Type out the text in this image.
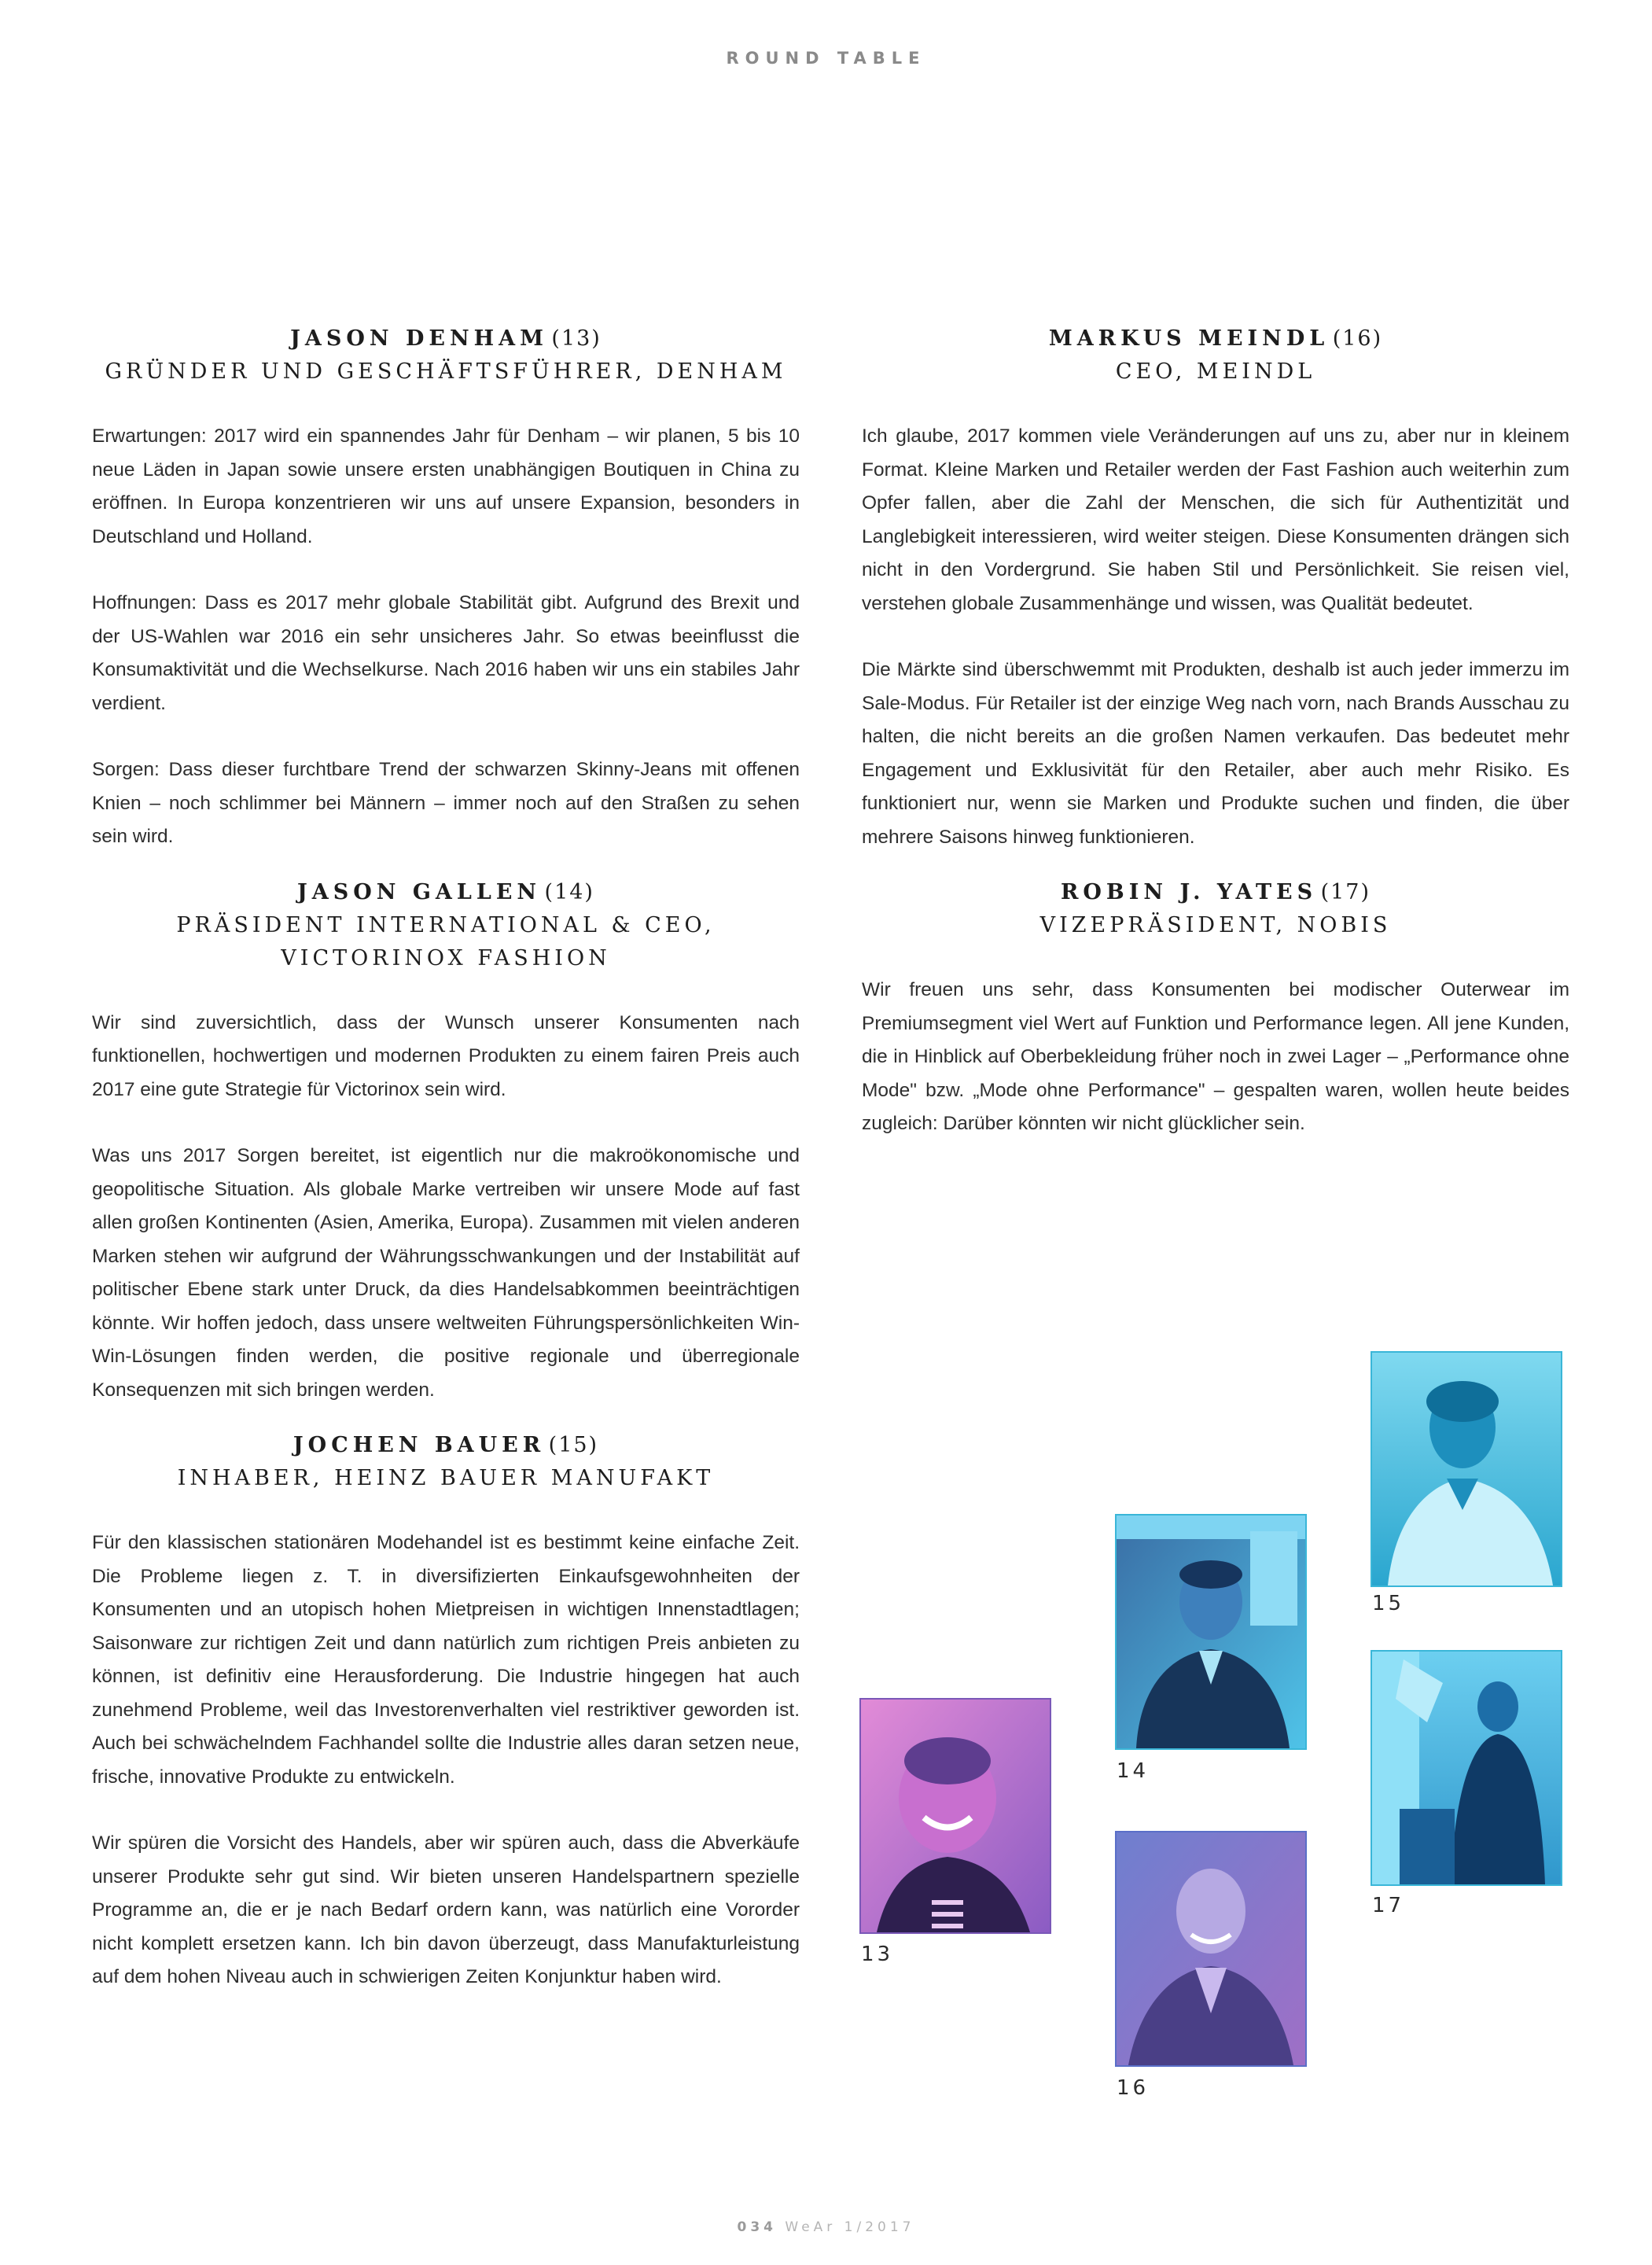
ROUND TABLE
JASON DENHAM (13)
GRÜNDER UND GESCHÄFTSFÜHRER, DENHAM

Erwartungen: 2017 wird ein spannendes Jahr für Denham – wir planen, 5 bis 10 neue Läden in Japan sowie unsere ersten unabhängigen Boutiquen in China zu eröffnen. In Europa konzentrieren wir uns auf unsere Expansion, besonders in Deutschland und Holland.

Hoffnungen: Dass es 2017 mehr globale Stabilität gibt. Aufgrund des Brexit und der US-Wahlen war 2016 ein sehr unsicheres Jahr. So etwas beeinflusst die Konsumaktivität und die Wechselkurse. Nach 2016 haben wir uns ein stabiles Jahr verdient.

Sorgen: Dass dieser furchtbare Trend der schwarzen Skinny-Jeans mit offenen Knien – noch schlimmer bei Männern – immer noch auf den Straßen zu sehen sein wird.

JASON GALLEN (14)
PRÄSIDENT INTERNATIONAL & CEO,
VICTORINOX FASHION

Wir sind zuversichtlich, dass der Wunsch unserer Konsumenten nach funktionellen, hochwertigen und modernen Produkten zu einem fairen Preis auch 2017 eine gute Strategie für Victorinox sein wird.

Was uns 2017 Sorgen bereitet, ist eigentlich nur die makroökonomische und geopolitische Situation. Als globale Marke vertreiben wir unsere Mode auf fast allen großen Kontinenten (Asien, Amerika, Europa). Zusammen mit vielen anderen Marken stehen wir aufgrund der Währungsschwankungen und der Instabilität auf politischer Ebene stark unter Druck, da dies Handelsabkommen beeinträchtigen könnte. Wir hoffen jedoch, dass unsere weltweiten Führungspersönlichkeiten Win-Win-Lösungen finden werden, die positive regionale und überregionale Konsequenzen mit sich bringen werden.

JOCHEN BAUER (15)
INHABER, HEINZ BAUER MANUFAKT

Für den klassischen stationären Modehandel ist es bestimmt keine einfache Zeit. Die Probleme liegen z. T. in diversifizierten Einkaufsgewohnheiten der Konsumenten und an utopisch hohen Mietpreisen in wichtigen Innenstadtlagen; Saisonware zur richtigen Zeit und dann natürlich zum richtigen Preis anbieten zu können, ist definitiv eine Herausforderung. Die Industrie hingegen hat auch zunehmend Probleme, weil das Investorenverhalten viel restriktiver geworden ist. Auch bei schwächelndem Fachhandel sollte die Industrie alles daran setzen neue, frische, innovative Produkte zu entwickeln.

Wir spüren die Vorsicht des Handels, aber wir spüren auch, dass die Abverkäufe unserer Produkte sehr gut sind. Wir bieten unseren Handelspartnern spezielle Programme an, die er je nach Bedarf ordern kann, was natürlich eine Vororder nicht komplett ersetzen kann. Ich bin davon überzeugt, dass Manufakturleistung auf dem hohen Niveau auch in schwierigen Zeiten Konjunktur haben wird.

MARKUS MEINDL (16)
CEO, MEINDL

Ich glaube, 2017 kommen viele Veränderungen auf uns zu, aber nur in kleinem Format. Kleine Marken und Retailer werden der Fast Fashion auch weiterhin zum Opfer fallen, aber die Zahl der Menschen, die sich für Authentizität und Langlebigkeit interessieren, wird weiter steigen. Diese Konsumenten drängen sich nicht in den Vordergrund. Sie haben Stil und Persönlichkeit. Sie reisen viel, verstehen globale Zusammenhänge und wissen, was Qualität bedeutet.

Die Märkte sind überschwemmt mit Produkten, deshalb ist auch jeder immerzu im Sale-Modus. Für Retailer ist der einzige Weg nach vorn, nach Brands Ausschau zu halten, die nicht bereits an die großen Namen verkaufen. Das bedeutet mehr Engagement und Exklusivität für den Retailer, aber auch mehr Risiko. Es funktioniert nur, wenn sie Marken und Produkte suchen und finden, die über mehrere Saisons hinweg funktionieren.

ROBIN J. YATES (17)
VIZEPRÄSIDENT, NOBIS

Wir freuen uns sehr, dass Konsumenten bei modischer Outerwear im Premiumsegment viel Wert auf Funktion und Performance legen. All jene Kunden, die in Hinblick auf Oberbekleidung früher noch in zwei Lager – „Performance ohne Mode" bzw. „Mode ohne Performance" – gespalten waren, wollen heute beides zugleich: Darüber könnten wir nicht glücklicher sein.

15
14
17
13
16
034 WeAr 1/2017
